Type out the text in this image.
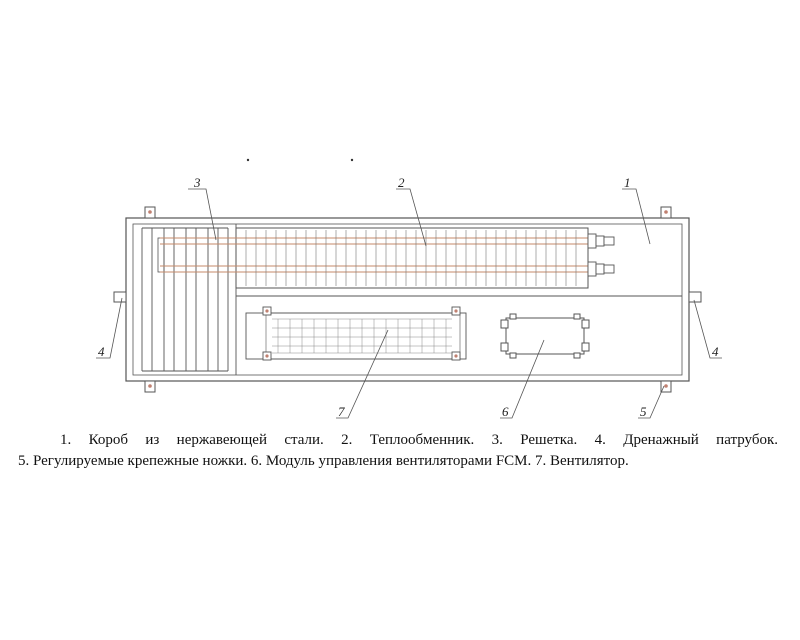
1
2
3
4	4
5
6
7
1. Короб из нержавеющей стали. 2. Теплообменник. 3. Решетка. 4. Дренажный патрубок.
5. Регулируемые крепежные ножки. 6. Модуль управления вентиляторами FCM. 7. Вентилятор.
